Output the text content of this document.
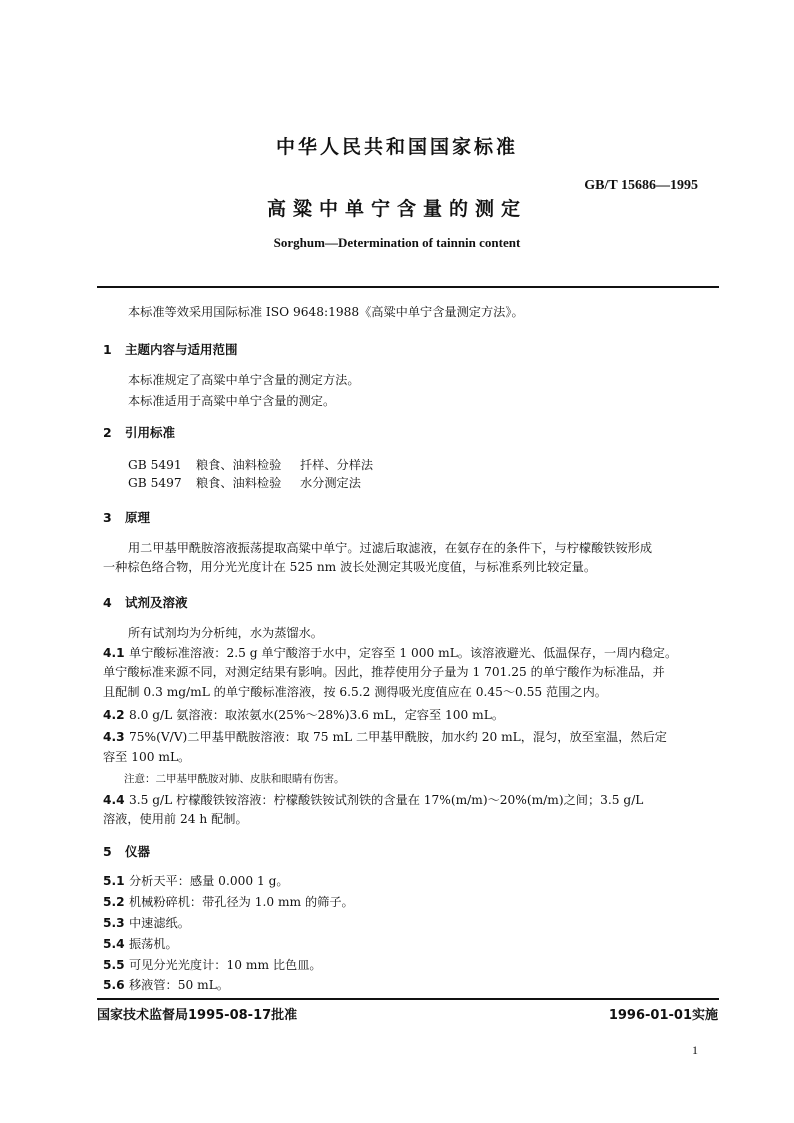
中华人民共和国国家标准
GB/T 15686—1995
高粱中单宁含量的测定
Sorghum—Determination of tainnin content
本标准等效采用国际标准 ISO 9648:1988《高粱中单宁含量测定方法》。
1 主题内容与适用范围
本标准规定了高粱中单宁含量的测定方法。
本标准适用于高粱中单宁含量的测定。
2 引用标准
GB 5491 粮食、油料检验 扦样、分样法
GB 5497 粮食、油料检验 水分测定法
3 原理
用二甲基甲酰胺溶液振荡提取高粱中单宁。过滤后取滤液，在氨存在的条件下，与柠檬酸铁铵形成
一种棕色络合物，用分光光度计在 525 nm 波长处测定其吸光度值，与标准系列比较定量。
4 试剂及溶液
所有试剂均为分析纯，水为蒸馏水。
4.1 单宁酸标准溶液：2.5 g 单宁酸溶于水中，定容至 1 000 mL。该溶液避光、低温保存，一周内稳定。
单宁酸标准来源不同，对测定结果有影响。因此，推荐使用分子量为 1 701.25 的单宁酸作为标准品，并
且配制 0.3 mg/mL 的单宁酸标准溶液，按 6.5.2 测得吸光度值应在 0.45～0.55 范围之内。
4.2 8.0 g/L 氨溶液：取浓氨水(25%～28%)3.6 mL，定容至 100 mL。
4.3 75%(V/V)二甲基甲酰胺溶液：取 75 mL 二甲基甲酰胺，加水约 20 mL，混匀，放至室温，然后定
容至 100 mL。
注意：二甲基甲酰胺对肺、皮肤和眼睛有伤害。
4.4 3.5 g/L 柠檬酸铁铵溶液：柠檬酸铁铵试剂铁的含量在 17%(m/m)～20%(m/m)之间；3.5 g/L
溶液，使用前 24 h 配制。
5 仪器
5.1 分析天平：感量 0.000 1 g。
5.2 机械粉碎机：带孔径为 1.0 mm 的筛子。
5.3 中速滤纸。
5.4 振荡机。
5.5 可见分光光度计：10 mm 比色皿。
5.6 移液管：50 mL。
国家技术监督局1995-08-17批准	1996-01-01实施
1
